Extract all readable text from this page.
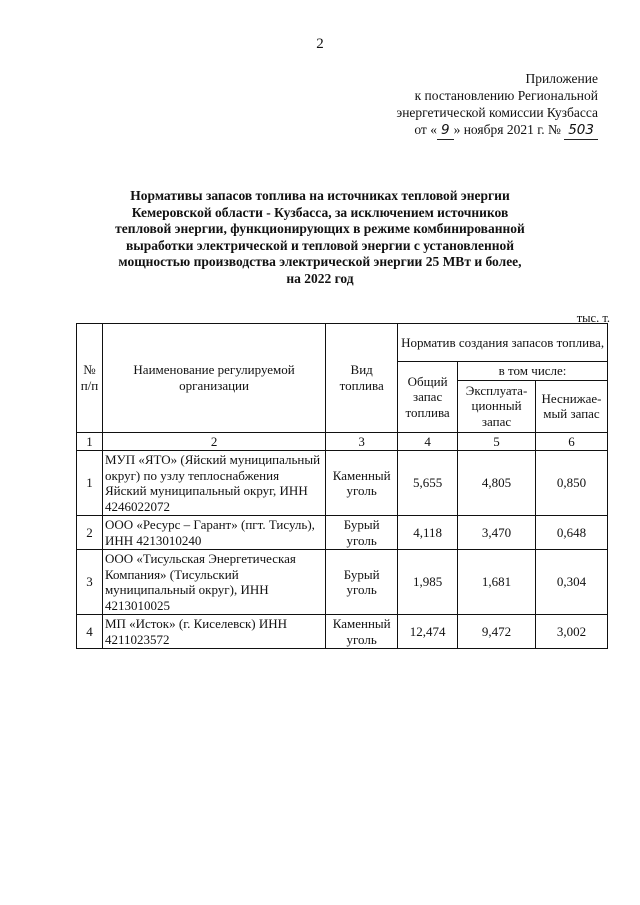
2
Приложение
к постановлению Региональной
энергетической комиссии Кузбасса
от « 9 » ноября 2021 г. № 503
Нормативы запасов топлива на источниках тепловой энергии
Кемеровской области - Кузбасса, за исключением источников
тепловой энергии, функционирующих в режиме комбинированной
выработки электрической и тепловой энергии с установленной
мощностью производства электрической энергии 25 МВт и более,
на 2022 год
тыс. т.
№ п/п	Наименование регулируемой организации	Вид топлива	Норматив создания запасов топлива,		
			Общий запас топлива	в том числе:	
				Эксплуата-ционный запас	Неснижае-мый запас
1	2	3	4	5	6
1	МУП «ЯТО» (Яйский муниципальный округ) по узлу теплоснабжения Яйский муниципальный округ, ИНН 4246022072	Каменный уголь	5,655	4,805	0,850
2	ООО «Ресурс – Гарант» (пгт. Тисуль), ИНН 4213010240	Бурый уголь	4,118	3,470	0,648
3	ООО «Тисульская Энергетическая Компания» (Тисульский муниципальный округ), ИНН 4213010025	Бурый уголь	1,985	1,681	0,304
4	МП «Исток» (г. Киселевск) ИНН 4211023572	Каменный уголь	12,474	9,472	3,002
